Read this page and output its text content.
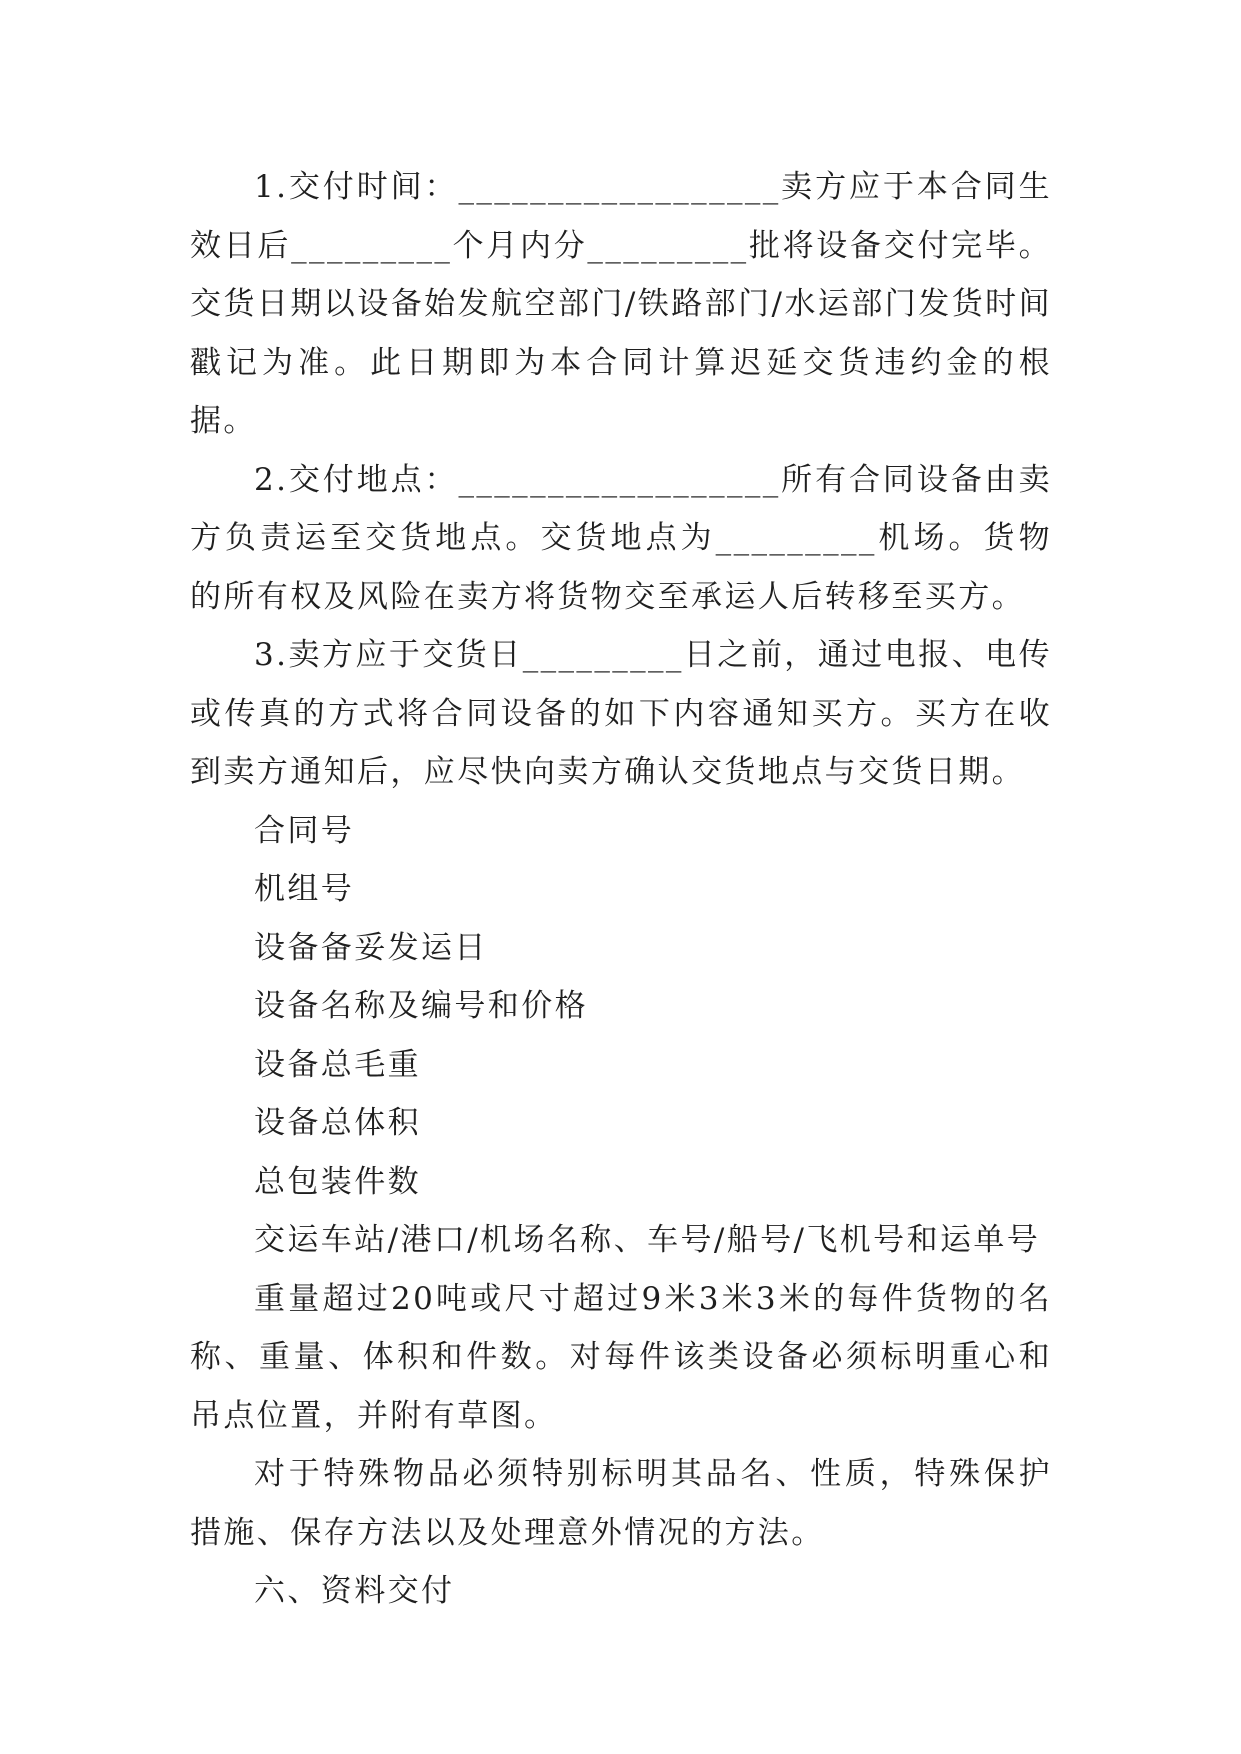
1.交付时间：__________________卖方应于本合同生效日后_________个月内分_________批将设备交付完毕。交货日期以设备始发航空部门/铁路部门/水运部门发货时间戳记为准。此日期即为本合同计算迟延交货违约金的根据。

2.交付地点：__________________所有合同设备由卖方负责运至交货地点。交货地点为_________机场。货物的所有权及风险在卖方将货物交至承运人后转移至买方。

3.卖方应于交货日_________日之前，通过电报、电传或传真的方式将合同设备的如下内容通知买方。买方在收到卖方通知后，应尽快向卖方确认交货地点与交货日期。

合同号

机组号

设备备妥发运日

设备名称及编号和价格

设备总毛重

设备总体积

总包装件数

交运车站/港口/机场名称、车号/船号/飞机号和运单号

重量超过20吨或尺寸超过9米3米3米的每件货物的名称、重量、体积和件数。对每件该类设备必须标明重心和吊点位置，并附有草图。

对于特殊物品必须特别标明其品名、性质，特殊保护措施、保存方法以及处理意外情况的方法。

六、资料交付
